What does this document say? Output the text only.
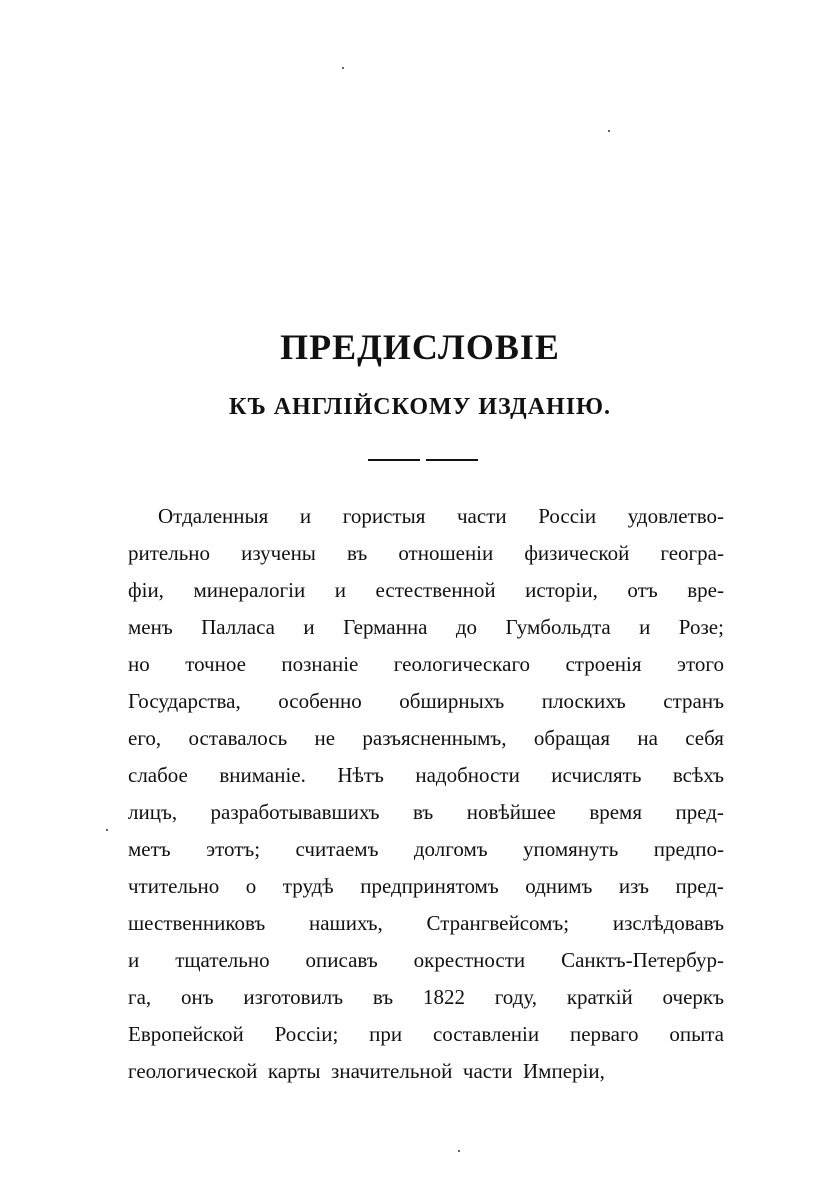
ПРЕДИСЛОВІЕ
КЪ АНГЛІЙСКОМУ ИЗДАНІЮ.
Отдаленныя и гористыя части Россіи удовлетво-
рительно изучены въ отношеніи физической геогра-
фіи, минералогіи и естественной исторіи, отъ вре-
менъ Палласа и Германна до Гумбольдта и Розе;
но точное познаніе геологическаго строенія этого
Государства, особенно обширныхъ плоскихъ странъ
его, оставалось не разъясненнымъ, обращая на себя
слабое вниманіе. Нѣтъ надобности исчислять всѣхъ
лицъ, разработывавшихъ въ новѣйшее время пред-
метъ этотъ; считаемъ долгомъ упомянуть предпо-
чтительно о трудѣ предпринятомъ однимъ изъ пред-
шественниковъ нашихъ, Странгвейсомъ; изслѣдовавъ
и тщательно описавъ окрестности Санктъ-Петербур-
га, онъ изготовилъ въ 1822 году, краткій очеркъ
Европейской Россіи; при составленіи перваго опыта
геологической
карты
значительной
части
Имперіи,
